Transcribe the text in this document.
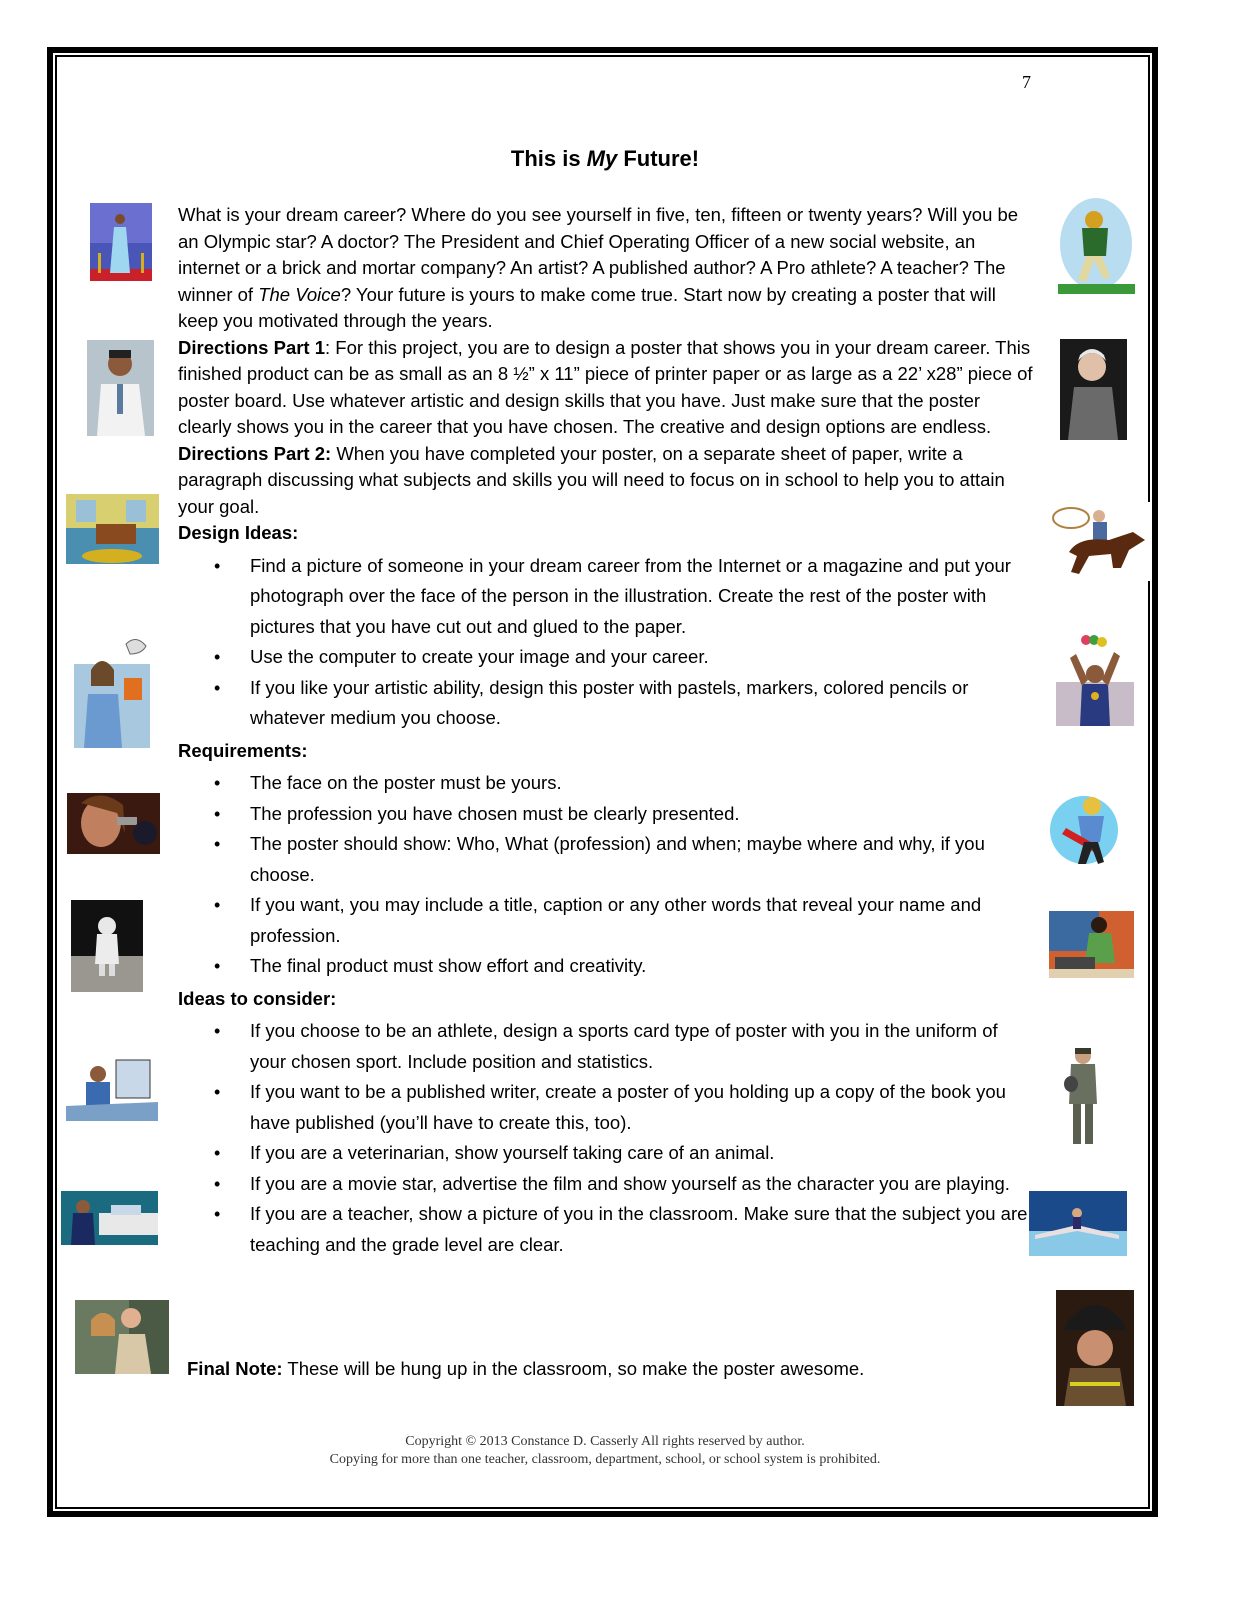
7
This is My Future!

What is your dream career? Where do you see yourself in five, ten, fifteen or twenty years? Will you be an Olympic star? A doctor? The President and Chief Operating Officer of a new social website, an internet or a brick and mortar company? An artist? A published author? A Pro athlete? A teacher? The winner of The Voice? Your future is yours to make come true. Start now by creating a poster that will keep you motivated through the years.

Directions Part 1: For this project, you are to design a poster that shows you in your dream career. This finished product can be as small as an 8 ½” x 11” piece of printer paper or as large as a 22’ x28” piece of poster board. Use whatever artistic and design skills that you have. Just make sure that the poster clearly shows you in the career that you have chosen. The creative and design options are endless.

Directions Part 2: When you have completed your poster, on a separate sheet of paper, write a paragraph discussing what subjects and skills you will need to focus on in school to help you to attain your goal.

Design Ideas:

• Find a picture of someone in your dream career from the Internet or a magazine and put your photograph over the face of the person in the illustration. Create the rest of the poster with pictures that you have cut out and glued to the paper.
• Use the computer to create your image and your career.
• If you like your artistic ability, design this poster with pastels, markers, colored pencils or whatever medium you choose.

Requirements:

• The face on the poster must be yours.
• The profession you have chosen must be clearly presented.
• The poster should show: Who, What (profession) and when; maybe where and why, if you choose.
• If you want, you may include a title, caption or any other words that reveal your name and profession.
• The final product must show effort and creativity.

Ideas to consider:

• If you choose to be an athlete, design a sports card type of poster with you in the uniform of your chosen sport. Include position and statistics.
• If you want to be a published writer, create a poster of you holding up a copy of the book you have published (you’ll have to create this, too).
• If you are a veterinarian, show yourself taking care of an animal.
• If you are a movie star, advertise the film and show yourself as the character you are playing.
• If you are a teacher, show a picture of you in the classroom. Make sure that the subject you are teaching and the grade level are clear.
Final Note: These will be hung up in the classroom, so make the poster awesome.
Copyright © 2013 Constance D. Casserly All rights reserved by author.
Copying for more than one teacher, classroom, department, school, or school system is prohibited.
